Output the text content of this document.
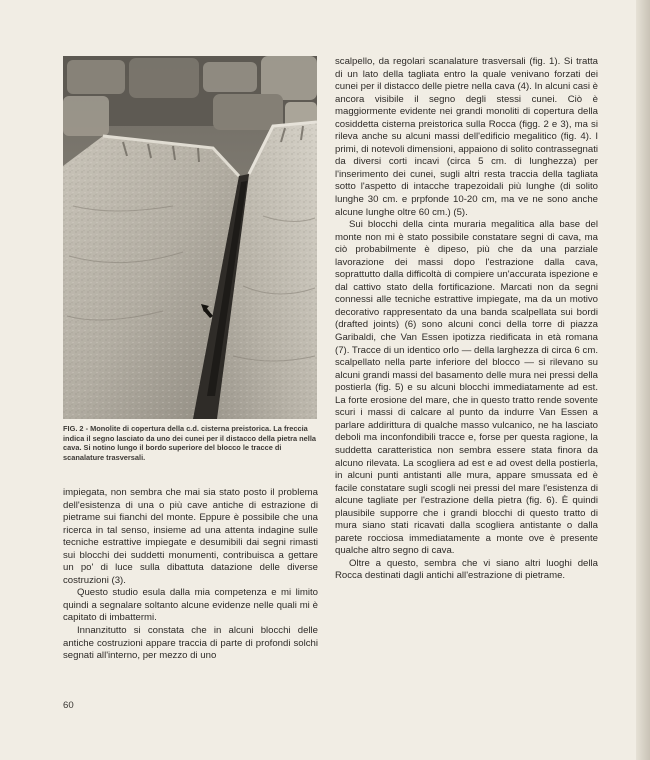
FIG. 2 - Monolite di copertura della c.d. cisterna preistorica. La freccia indica il segno lasciato da uno dei cunei per il distacco della pietra nella cava. Si notino lungo il bordo superiore del blocco le tracce di scanalature trasversali.

impiegata, non sembra che mai sia stato posto il problema dell'esistenza di una o più cave antiche di estrazione di pietrame sui fianchi del monte. Eppure è possibile che una ricerca in tal senso, insieme ad una attenta indagine sulle tecniche estrattive impiegate e desumibili dai segni rimasti sui blocchi dei suddetti monumenti, contribuisca a gettare un po' di luce sulla dibattuta datazione delle diverse costruzioni (3).

Questo studio esula dalla mia competenza e mi limito quindi a segnalare soltanto alcune evidenze nelle quali mi è capitato di imbattermi.

Innanzitutto si constata che in alcuni blocchi delle antiche costruzioni appare traccia di parte di profondi solchi segnati all'interno, per mezzo di uno

scalpello, da regolari scanalature trasversali (fig. 1). Si tratta di un lato della tagliata entro la quale venivano forzati dei cunei per il distacco delle pietre nella cava (4). In alcuni casi è ancora visibile il segno degli stessi cunei. Ciò è maggiormente evidente nei grandi monoliti di copertura della cosiddetta cisterna preistorica sulla Rocca (figg. 2 e 3), ma si rileva anche su alcuni massi dell'edificio megalitico (fig. 4). I primi, di notevoli dimensioni, appaiono di solito contrassegnati da diversi corti incavi (circa 5 cm. di lunghezza) per l'inserimento dei cunei, sugli altri resta traccia della tagliata sotto l'aspetto di intacche trapezoidali più lunghe (di solito lunghe 30 cm. e prpfonde 10-20 cm, ma ve ne sono anche alcune lunghe oltre 60 cm.) (5).

Sui blocchi della cinta muraria megalitica alla base del monte non mi è stato possibile constatare segni di cava, ma ciò probabilmente è dipeso, più che da una parziale lavorazione dei massi dopo l'estrazione dalla cava, soprattutto dalla difficoltà di compiere un'accurata ispezione e dal cattivo stato della fortificazione. Marcati non da segni connessi alle tecniche estrattive impiegate, ma da un motivo decorativo rappresentato da una banda scalpellata sui bordi (drafted joints) (6) sono alcuni conci della torre di piazza Garibaldi, che Van Essen ipotizza riedificata in età romana (7). Tracce di un identico orlo — della larghezza di circa 6 cm. scalpellato nella parte inferiore del blocco — si rilevano su alcuni grandi massi del basamento delle mura nei pressi della postierla (fig. 5) e su alcuni blocchi immediatamente ad est. La forte erosione del mare, che in questo tratto rende sovente scuri i massi di calcare al punto da indurre Van Essen a parlare addirittura di qualche masso vulcanico, ne ha lasciato deboli ma inconfondibili tracce e, forse per questa ragione, la suddetta caratteristica non sembra essere stata finora da alcuno rilevata. La scogliera ad est e ad ovest della postierla, in alcuni punti antistanti alle mura, appare smussata ed è facile constatare sugli scogli nei pressi del mare l'esistenza di alcune tagliate per l'estrazione della pietra (fig. 6). È quindi plausibile supporre che i grandi blocchi di questo tratto di mura siano stati ricavati dalla scogliera antistante o dalla parete rocciosa immediatamente a monte ove è presente qualche altro segno di cava.

Oltre a questo, sembra che vi siano altri luoghi della Rocca destinati dagli antichi all'estrazione di pietrame.

60
